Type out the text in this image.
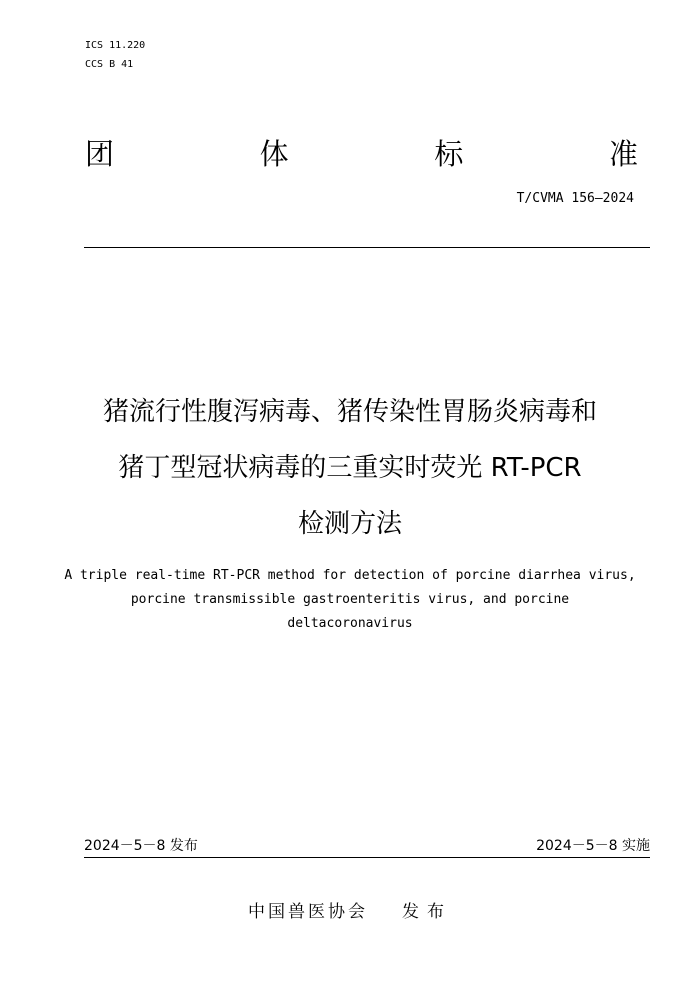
ICS 11.220
CCS B 41
团	体	标	准
T/CVMA 156—2024
猪流行性腹泻病毒、猪传染性胃肠炎病毒和
猪丁型冠状病毒的三重实时荧光 RT-PCR
检测方法
A triple real-time RT-PCR method for detection of porcine diarrhea virus,
porcine transmissible gastroenteritis virus, and porcine
deltacoronavirus
2024－5－8 发布	2024－5－8 实施
中国兽医协会 发布
